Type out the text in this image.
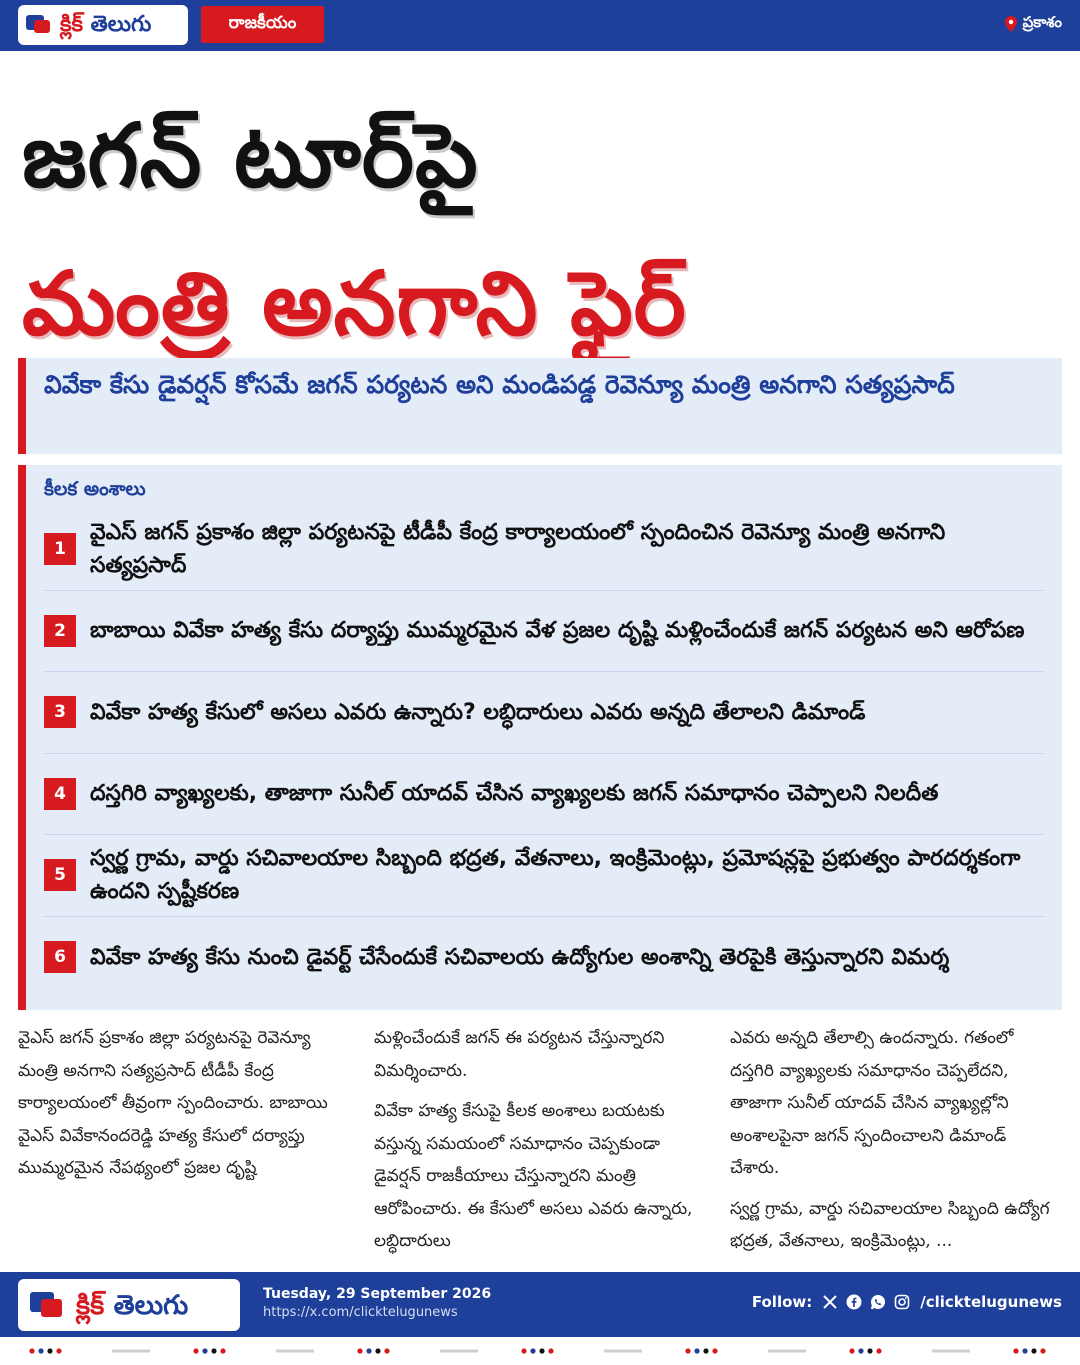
క్లిక్ తెలుగు	రాజకీయం	ప్రకాశం
జగన్ టూర్‌పై
మంత్రి అనగాని ఫైర్
వివేకా కేసు డైవర్షన్ కోసమే జగన్ పర్యటన అని మండిపడ్డ రెవెన్యూ మంత్రి అనగాని సత్యప్రసాద్
కీలక అంశాలు
1
వైఎస్ జగన్ ప్రకాశం జిల్లా పర్యటనపై టీడీపీ కేంద్ర కార్యాలయంలో స్పందించిన రెవెన్యూ మంత్రి అనగాని సత్యప్రసాద్
2	బాబాయి వివేకా హత్య కేసు దర్యాప్తు ముమ్మరమైన వేళ ప్రజల దృష్టి మళ్లించేందుకే జగన్ పర్యటన అని ఆరోపణ
3	వివేకా హత్య కేసులో అసలు ఎవరు ఉన్నారు? లబ్ధిదారులు ఎవరు అన్నది తేలాలని డిమాండ్
4	దస్తగిరి వ్యాఖ్యలకు, తాజాగా సునీల్ యాదవ్ చేసిన వ్యాఖ్యలకు జగన్ సమాధానం చెప్పాలని నిలదీత
5
స్వర్ణ గ్రామ, వార్డు సచివాలయాల సిబ్బంది భద్రత, వేతనాలు, ఇంక్రిమెంట్లు, ప్రమోషన్లపై ప్రభుత్వం పారదర్శకంగా ఉందని స్పష్టీకరణ
6	వివేకా హత్య కేసు నుంచి డైవర్ట్ చేసేందుకే సచివాలయ ఉద్యోగుల అంశాన్ని తెరపైకి తెస్తున్నారని విమర్శ

వైఎస్ జగన్ ప్రకాశం జిల్లా పర్యటనపై రెవెన్యూ మంత్రి అనగాని సత్యప్రసాద్ టీడీపీ కేంద్ర కార్యాలయంలో తీవ్రంగా స్పందించారు. బాబాయి వైఎస్ వివేకానందరెడ్డి హత్య కేసులో దర్యాప్తు ముమ్మరమైన నేపథ్యంలో ప్రజల దృష్టి

మళ్లించేందుకే జగన్ ఈ పర్యటన చేస్తున్నారని విమర్శించారు.

వివేకా హత్య కేసుపై కీలక అంశాలు బయటకు వస్తున్న సమయంలో సమాధానం చెప్పకుండా డైవర్షన్ రాజకీయాలు చేస్తున్నారని మంత్రి ఆరోపించారు. ఈ కేసులో అసలు ఎవరు ఉన్నారు, లబ్ధిదారులు

ఎవరు అన్నది తేలాల్సి ఉందన్నారు. గతంలో దస్తగిరి వ్యాఖ్యలకు సమాధానం చెప్పలేదని, తాజాగా సునీల్ యాదవ్ చేసిన వ్యాఖ్యల్లోని అంశాలపైనా జగన్ స్పందించాలని డిమాండ్ చేశారు.

స్వర్ణ గ్రామ, వార్డు సచివాలయాల సిబ్బంది ఉద్యోగ భద్రత, వేతనాలు, ఇంక్రిమెంట్లు, ...

క్లిక్ తెలుగు	Tuesday, 29 September 2026
https://x.com/clicktelugunews
Follow:	/clicktelugunews
